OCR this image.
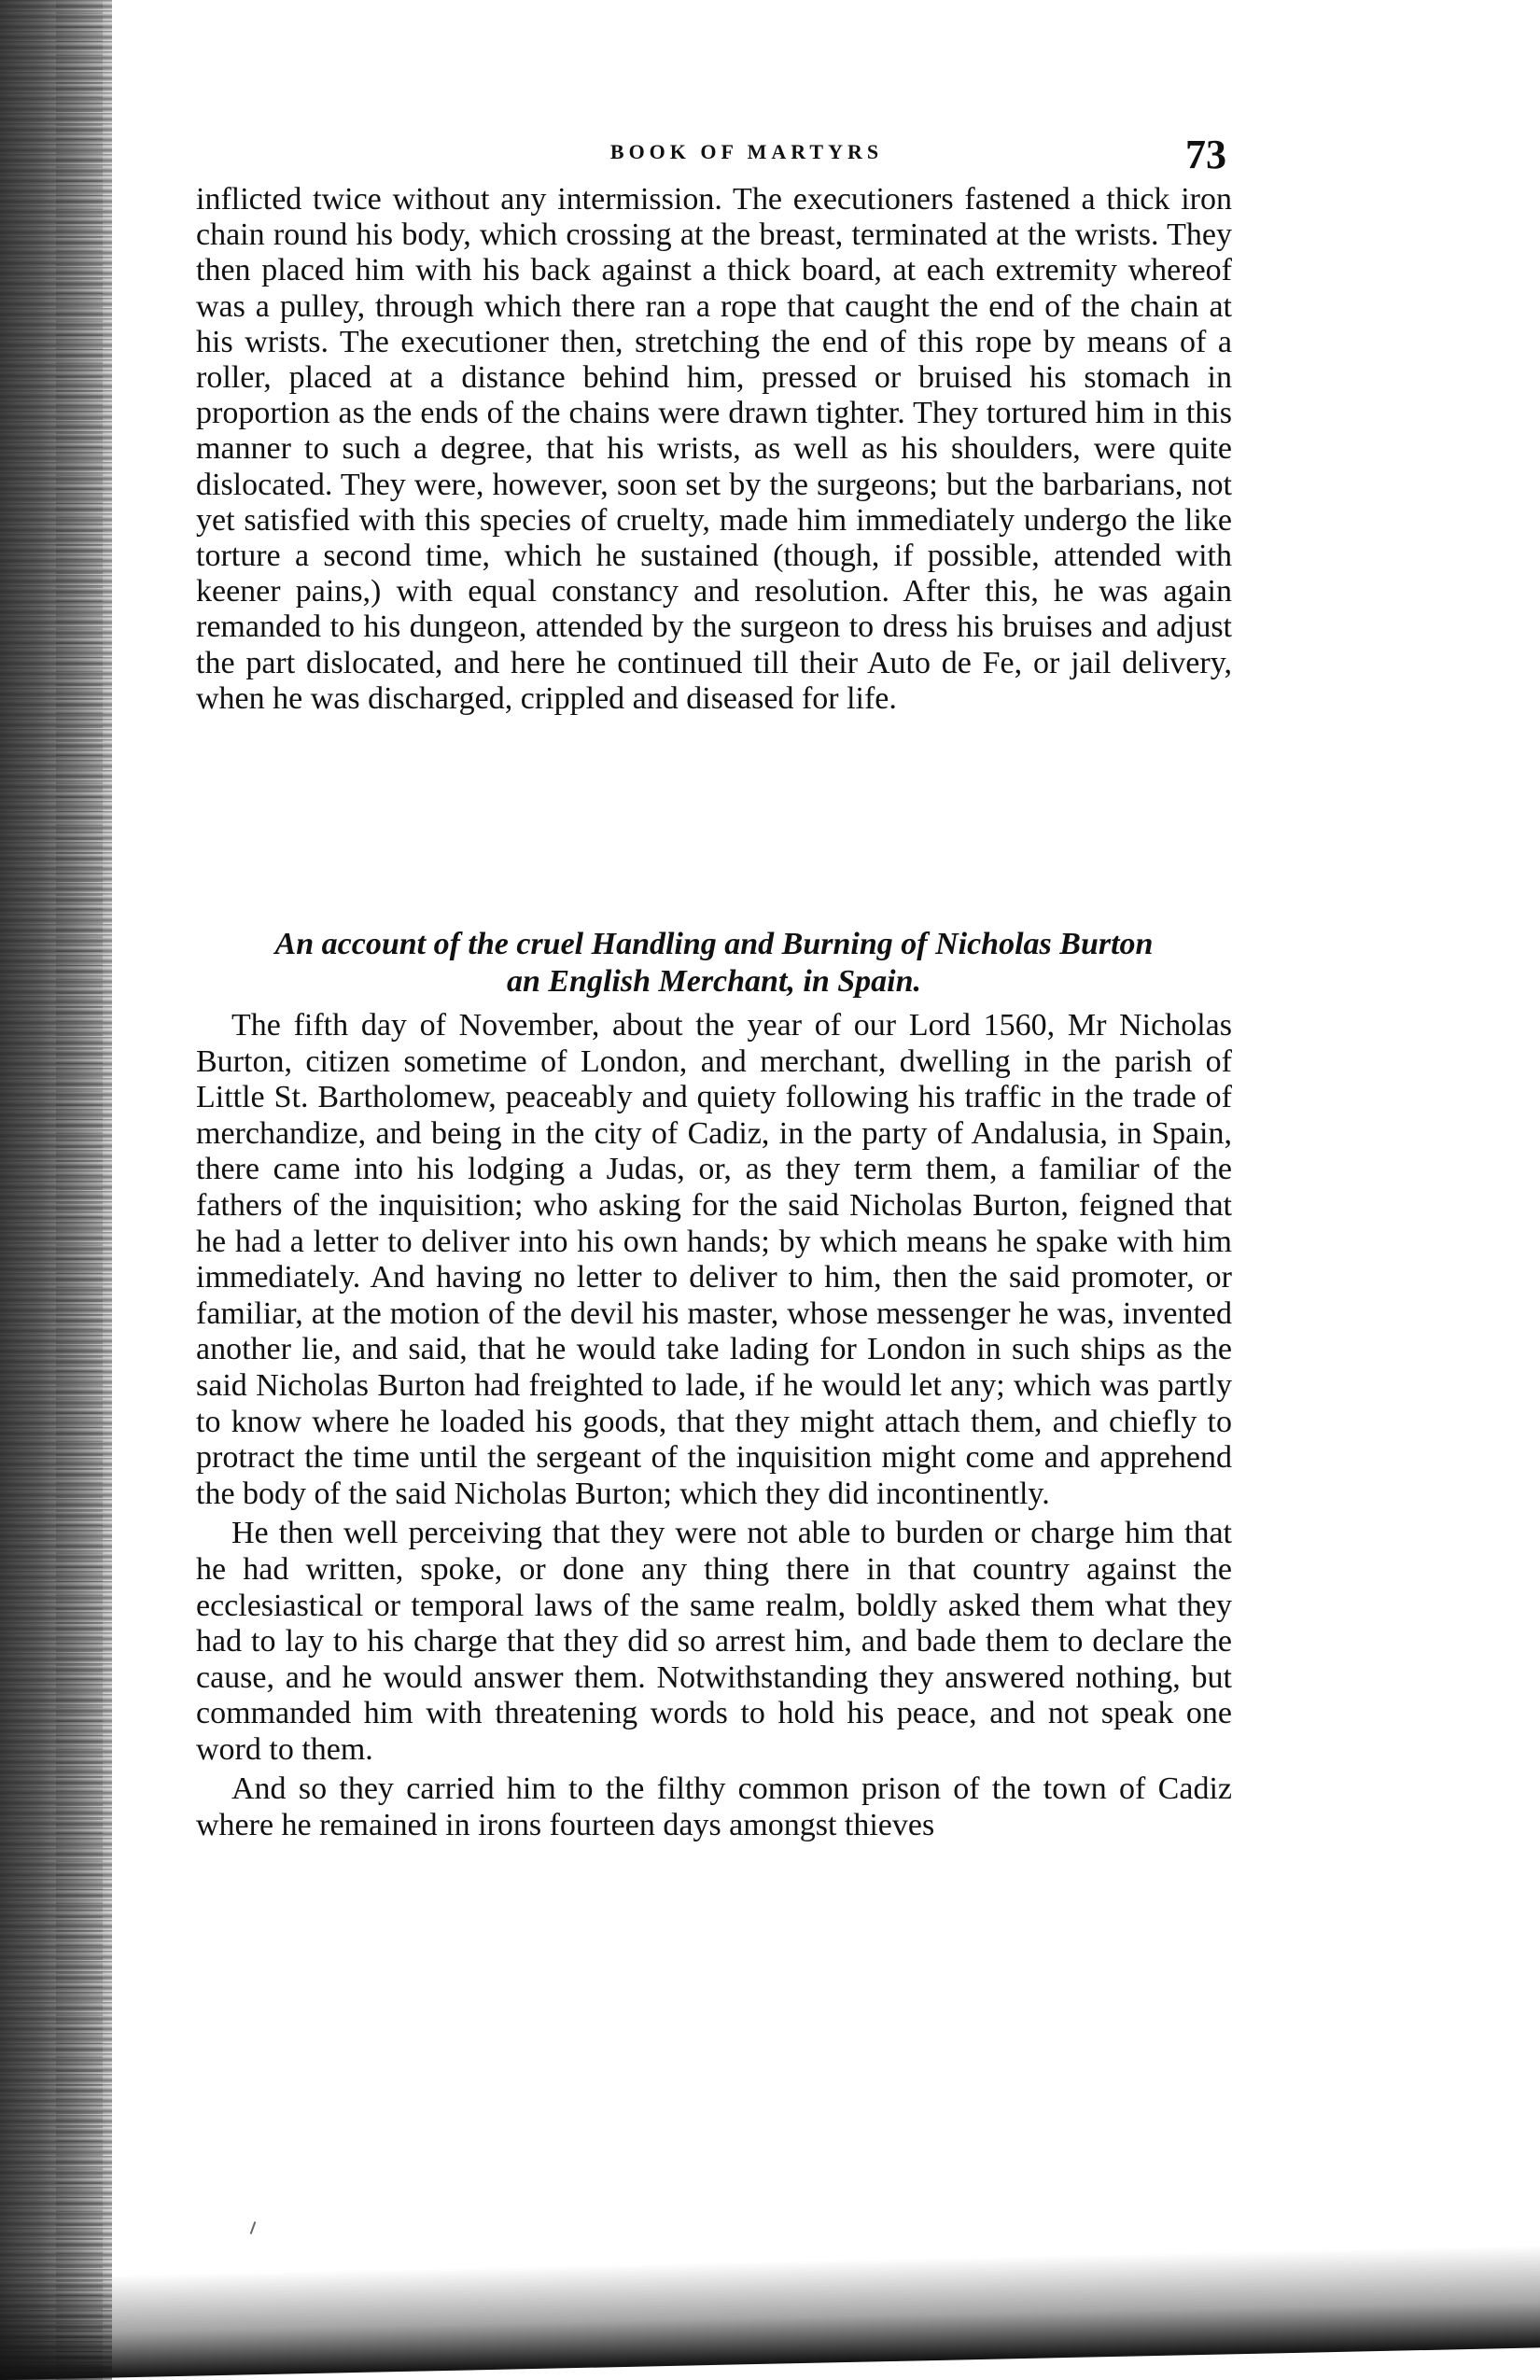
BOOK OF MARTYRS	73

inflicted twice without any intermission. The executioners fastened a thick iron chain round his body, which crossing at the breast, terminated at the wrists. They then placed him with his back against a thick board, at each extremity whereof was a pulley, through which there ran a rope that caught the end of the chain at his wrists. The executioner then, stretching the end of this rope by means of a roller, placed at a distance behind him, pressed or bruised his stomach in proportion as the ends of the chains were drawn tighter. They tortured him in this manner to such a degree, that his wrists, as well as his shoulders, were quite dislocated. They were, however, soon set by the surgeons; but the barbarians, not yet satisfied with this species of cruelty, made him immediately undergo the like torture a second time, which he sustained (though, if possible, attended with keener pains,) with equal constancy and resolution. After this, he was again remanded to his dungeon, attended by the surgeon to dress his bruises and adjust the part dislocated, and here he continued till their Auto de Fe, or jail delivery, when he was discharged, crippled and diseased for life.

An account of the cruel Handling and Burning of Nicholas Burton
an English Merchant, in Spain.

The fifth day of November, about the year of our Lord 1560, Mr Nicholas Burton, citizen sometime of London, and merchant, dwelling in the parish of Little St. Bartholomew, peaceably and quiety following his traffic in the trade of merchandize, and being in the city of Cadiz, in the party of Andalusia, in Spain, there came into his lodging a Judas, or, as they term them, a familiar of the fathers of the inquisition; who asking for the said Nicholas Burton, feigned that he had a letter to deliver into his own hands; by which means he spake with him immediately. And having no letter to deliver to him, then the said promoter, or familiar, at the motion of the devil his master, whose messenger he was, invented another lie, and said, that he would take lading for London in such ships as the said Nicholas Burton had freighted to lade, if he would let any; which was partly to know where he loaded his goods, that they might attach them, and chiefly to protract the time until the sergeant of the inquisition might come and apprehend the body of the said Nicholas Burton; which they did incontinently.

He then well perceiving that they were not able to burden or charge him that he had written, spoke, or done any thing there in that country against the ecclesiastical or temporal laws of the same realm, boldly asked them what they had to lay to his charge that they did so arrest him, and bade them to declare the cause, and he would answer them. Notwithstanding they answered nothing, but commanded him with threatening words to hold his peace, and not speak one word to them.

And so they carried him to the filthy common prison of the town of Cadiz where he remained in irons fourteen days amongst thieves
